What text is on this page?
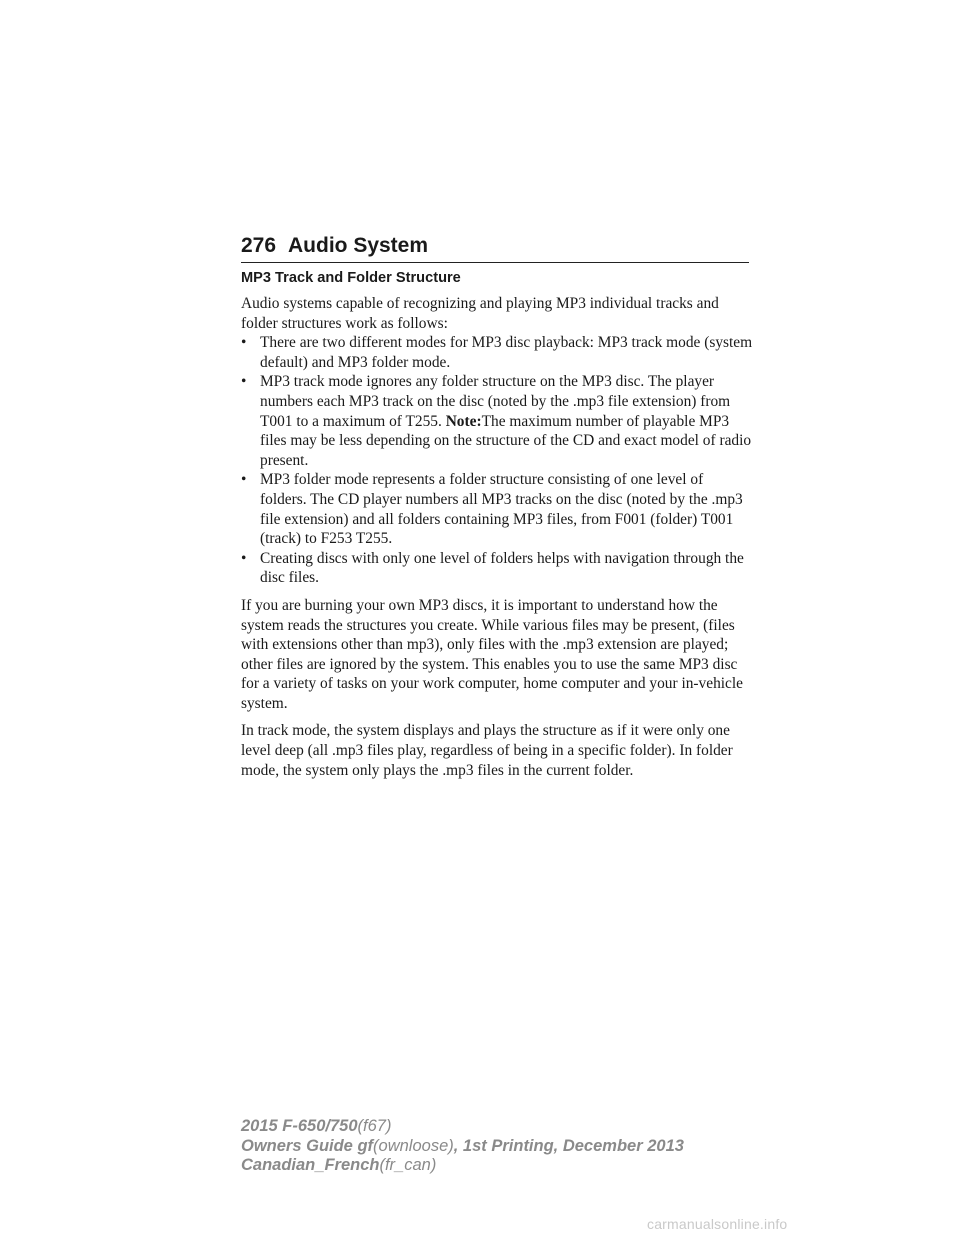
276 Audio System
MP3 Track and Folder Structure

Audio systems capable of recognizing and playing MP3 individual tracks and folder structures work as follows:

• There are two different modes for MP3 disc playback: MP3 track mode (system default) and MP3 folder mode.
• MP3 track mode ignores any folder structure on the MP3 disc. The player numbers each MP3 track on the disc (noted by the .mp3 file extension) from T001 to a maximum of T255. Note:The maximum number of playable MP3 files may be less depending on the structure of the CD and exact model of radio present.
• MP3 folder mode represents a folder structure consisting of one level of folders. The CD player numbers all MP3 tracks on the disc (noted by the .mp3 file extension) and all folders containing MP3 files, from F001 (folder) T001 (track) to F253 T255.
• Creating discs with only one level of folders helps with navigation through the disc files.

If you are burning your own MP3 discs, it is important to understand how the system reads the structures you create. While various files may be present, (files with extensions other than mp3), only files with the .mp3 extension are played; other files are ignored by the system. This enables you to use the same MP3 disc for a variety of tasks on your work computer, home computer and your in-vehicle system.

In track mode, the system displays and plays the structure as if it were only one level deep (all .mp3 files play, regardless of being in a specific folder). In folder mode, the system only plays the .mp3 files in the current folder.

2015 F-650/750(f67)
Owners Guide gf(ownloose), 1st Printing, December 2013
Canadian_French(fr_can)
carmanualsonline.info
